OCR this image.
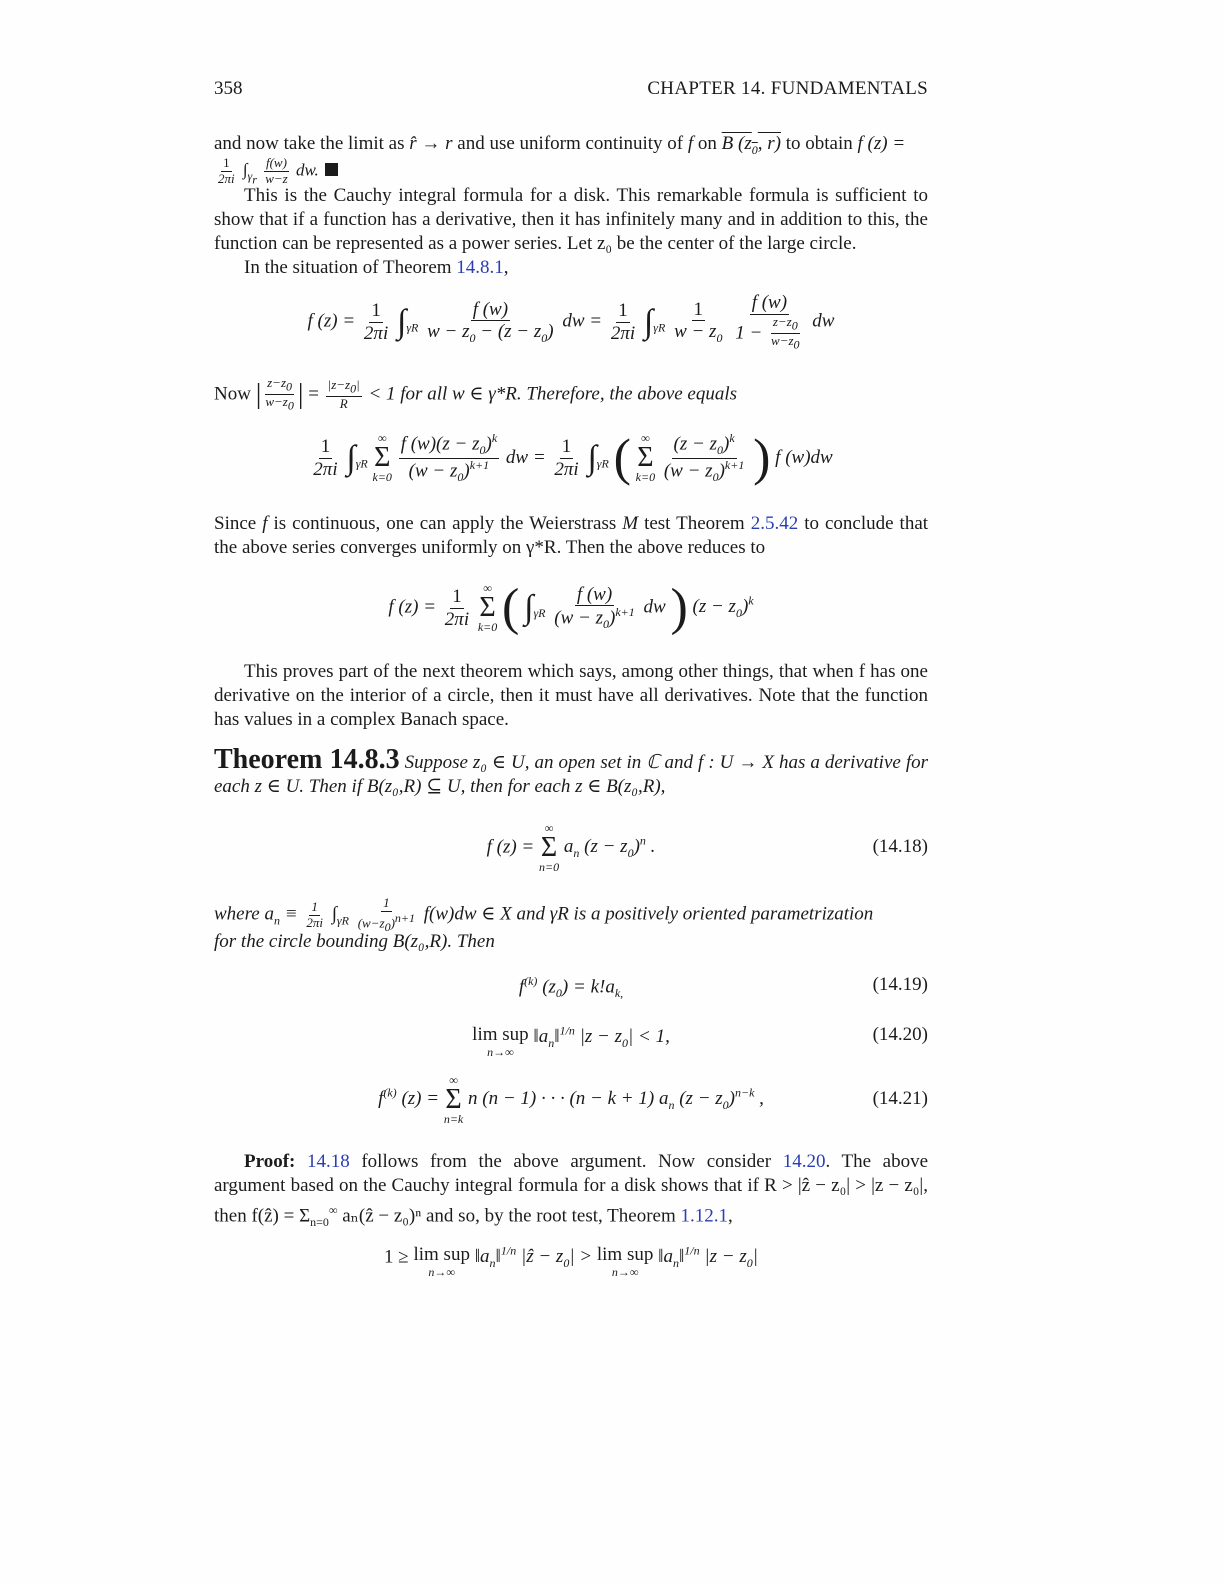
358	CHAPTER 14. FUNDAMENTALS
and now take the limit as r̂ → r and use uniform continuity of f on B ($z_0$, r) to obtain f (z) =
$\frac{1}{2\pi i} \int_{\gamma_r} \frac{f(w)}{w-z}$ dw.
This is the Cauchy integral formula for a disk. This remarkable formula is sufficient to show that if a function has a derivative, then it has infinitely many and in addition to this, the function can be represented as a power series. Let z₀ be the center of the large circle.
In the situation of Theorem 14.8.1,
f $(z) = \frac{1}{2\pi i} \int_{\gamma R} \frac{f (w)}{w - z_0 - (z - z_0)}$ dw = $\frac{1}{2\pi i} \int_{\gamma R} \frac{1}{w - z_0}$
$\frac{f (w)}{1 - \frac{z-z_0}{w-z_0}}$ dw
Now | $\frac{z-z_0}{w-z_0}$ | = $\frac{|z-z_0|}{R} < 1$ for all w ∈ γ*R. Therefore, the above equals
$\frac{1}{2\pi i} \int_{\gamma R}$
∞
Σ
k=0
$\frac{f (w)(z - z_0)^k}{(w - z_0)^{k+1}}$ dw = $\frac{1}{2\pi i} \int_{\gamma R}$ ( ∞
Σ
k=0
$\frac{(z - z_0)^k}{(w - z_0)^{k+1}}$ ) f (w)dw
Since f is continuous, one can apply the Weierstrass M test Theorem 2.5.42 to conclude that the above series converges uniformly on γ*R. Then the above reduces to
f $(z) = \frac{1}{2\pi i}$
∞
Σ
k=0 ( $\int_{\gamma R} \frac{f (w)}{(w - z_0)^{k+1}}$ dw ) $(z - z_0)^k$
This proves part of the next theorem which says, among other things, that when f has one derivative on the interior of a circle, then it must have all derivatives. Note that the function has values in a complex Banach space.
Theorem 14.8.3 Suppose z₀ ∈ U, an open set in ℂ and f : U → X has a derivative for each z ∈ U. Then if B(z₀,R) ⊆ U, then for each z ∈ B(z₀,R),
f (z) =
∞
Σ
n=0
$a_n$ $(z - z_0)^n$ .	(14.18)
where $a_n \equiv \frac{1}{2\pi i} \int_{\gamma R} \frac{1}{(w-z_0)^{n+1}} f(w)dw$ ∈ X and γR is a positively oriented parametrization
for the circle bounding B(z₀,R). Then
$f^{(k)}$ $(z_0) = k!a_{k,}$	(14.19)
lim sup
n→∞
$‖a_n‖^{1/n}$ $|z - z_0| < 1$,	(14.20)
$f^{(k)}$ (z) =
∞
Σ
n=k
n (n − 1) · · · (n − k + 1) $a_n$ $(z - z_0)^{n-k}$ ,	(14.21)
Proof: 14.18 follows from the above argument. Now consider 14.20. The above argument based on the Cauchy integral formula for a disk shows that if R > |ẑ − z₀| > |z − z₀|, then f(ẑ) = $\Sigma_{n=0}^\infty$ aₙ(ẑ − z₀)ⁿ and so, by the root test, Theorem 1.12.1,
1 ≥ lim sup
n→∞
$‖a_n‖^{1/n}$ |ẑ − $z_0| > \lim$ sup
n→∞
$‖a_n‖^{1/n}$ $|z - z_0|$
